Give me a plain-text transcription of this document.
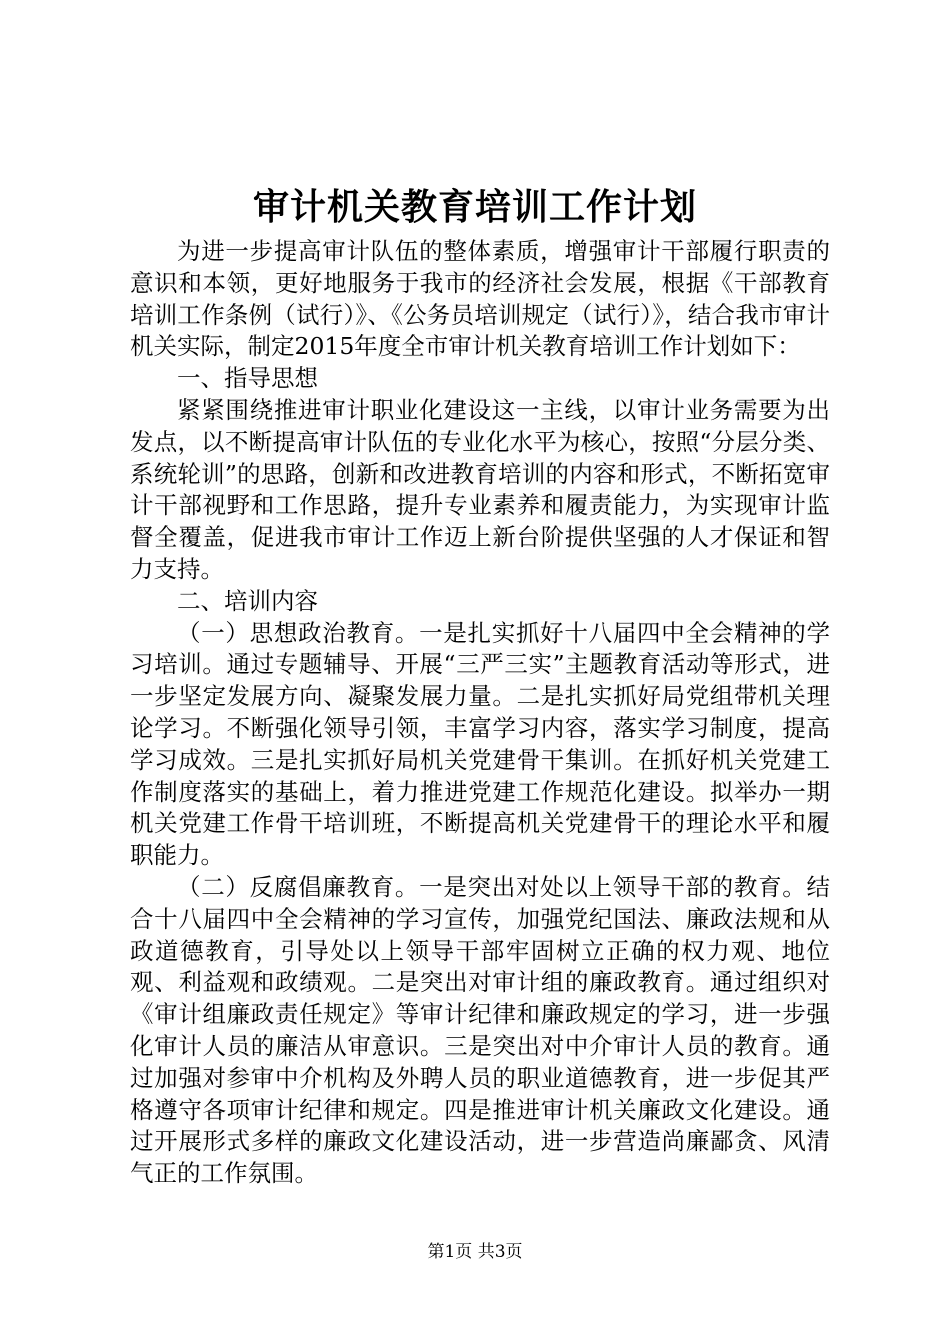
审计机关教育培训工作计划

为进一步提高审计队伍的整体素质，增强审计干部履行职责的意识和本领，更好地服务于我市的经济社会发展，根据《干部教育培训工作条例（试行）》、《公务员培训规定（试行）》，结合我市审计机关实际，制定2015年度全市审计机关教育培训工作计划如下：

一、指导思想

紧紧围绕推进审计职业化建设这一主线，以审计业务需要为出发点，以不断提高审计队伍的专业化水平为核心，按照“分层分类、系统轮训”的思路，创新和改进教育培训的内容和形式，不断拓宽审计干部视野和工作思路，提升专业素养和履责能力，为实现审计监督全覆盖，促进我市审计工作迈上新台阶提供坚强的人才保证和智力支持。

二、培训内容

（一）思想政治教育。一是扎实抓好十八届四中全会精神的学习培训。通过专题辅导、开展“三严三实”主题教育活动等形式，进一步坚定发展方向、凝聚发展力量。二是扎实抓好局党组带机关理论学习。不断强化领导引领，丰富学习内容，落实学习制度，提高学习成效。三是扎实抓好局机关党建骨干集训。在抓好机关党建工作制度落实的基础上，着力推进党建工作规范化建设。拟举办一期机关党建工作骨干培训班，不断提高机关党建骨干的理论水平和履职能力。

（二）反腐倡廉教育。一是突出对处以上领导干部的教育。结合十八届四中全会精神的学习宣传，加强党纪国法、廉政法规和从政道德教育，引导处以上领导干部牢固树立正确的权力观、地位观、利益观和政绩观。二是突出对审计组的廉政教育。通过组织对《审计组廉政责任规定》等审计纪律和廉政规定的学习，进一步强化审计人员的廉洁从审意识。三是突出对中介审计人员的教育。通过加强对参审中介机构及外聘人员的职业道德教育，进一步促其严格遵守各项审计纪律和规定。四是推进审计机关廉政文化建设。通过开展形式多样的廉政文化建设活动，进一步营造尚廉鄙贪、风清气正的工作氛围。

第1页 共3页
